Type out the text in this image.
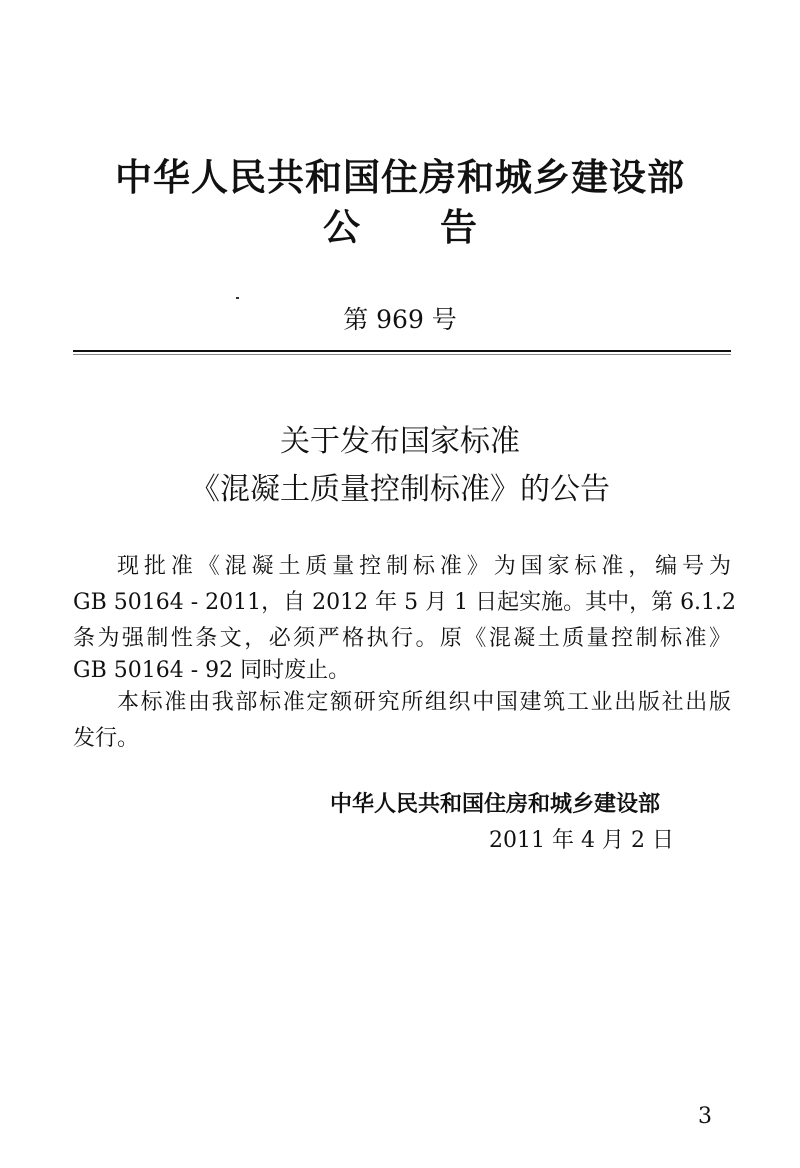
中华人民共和国住房和城乡建设部
公 告
第 969 号
关于发布国家标准
《混凝土质量控制标准》的公告
现批准《混凝土质量控制标准》为国家标准，编号为
GB 50164 - 2011，自 2012 年 5 月 1 日起实施。其中，第 6.1.2
条为强制性条文，必须严格执行。原《混凝土质量控制标准》
GB 50164 - 92 同时废止。
本标准由我部标准定额研究所组织中国建筑工业出版社出版
发行。
中华人民共和国住房和城乡建设部
2011 年 4 月 2 日
3
